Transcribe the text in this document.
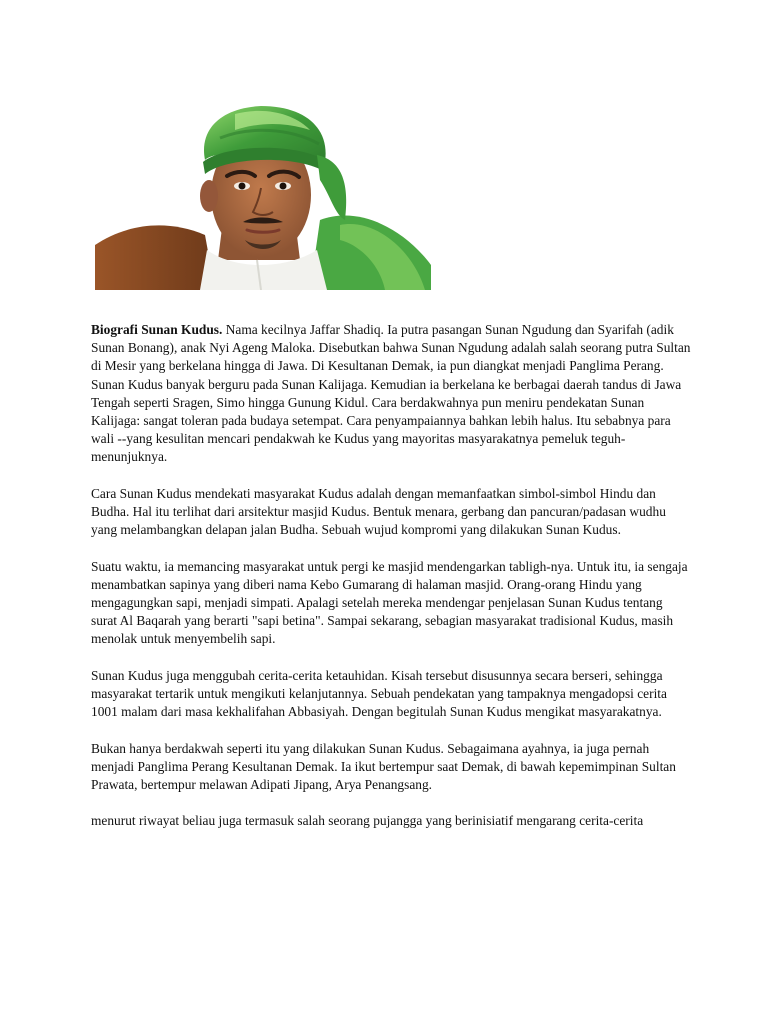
Biografi Sunan Kudus. Nama kecilnya Jaffar Shadiq. Ia putra pasangan Sunan Ngudung dan Syarifah (adik Sunan Bonang), anak Nyi Ageng Maloka. Disebutkan bahwa Sunan Ngudung adalah salah seorang putra Sultan di Mesir yang berkelana hingga di Jawa. Di Kesultanan Demak, ia pun diangkat menjadi Panglima Perang. Sunan Kudus banyak berguru pada Sunan Kalijaga. Kemudian ia berkelana ke berbagai daerah tandus di Jawa Tengah seperti Sragen, Simo hingga Gunung Kidul. Cara berdakwahnya pun meniru pendekatan Sunan Kalijaga: sangat toleran pada budaya setempat. Cara penyampaiannya bahkan lebih halus. Itu sebabnya para wali --yang kesulitan mencari pendakwah ke Kudus yang mayoritas masyarakatnya pemeluk teguh-menunjuknya.

Cara Sunan Kudus mendekati masyarakat Kudus adalah dengan memanfaatkan simbol-simbol Hindu dan Budha. Hal itu terlihat dari arsitektur masjid Kudus. Bentuk menara, gerbang dan pancuran/padasan wudhu yang melambangkan delapan jalan Budha. Sebuah wujud kompromi yang dilakukan Sunan Kudus.

Suatu waktu, ia memancing masyarakat untuk pergi ke masjid mendengarkan tabligh-nya. Untuk itu, ia sengaja menambatkan sapinya yang diberi nama Kebo Gumarang di halaman masjid. Orang-orang Hindu yang mengagungkan sapi, menjadi simpati. Apalagi setelah mereka mendengar penjelasan Sunan Kudus tentang surat Al Baqarah yang berarti "sapi betina". Sampai sekarang, sebagian masyarakat tradisional Kudus, masih menolak untuk menyembelih sapi.

Sunan Kudus juga menggubah cerita-cerita ketauhidan. Kisah tersebut disusunnya secara berseri, sehingga masyarakat tertarik untuk mengikuti kelanjutannya. Sebuah pendekatan yang tampaknya mengadopsi cerita 1001 malam dari masa kekhalifahan Abbasiyah. Dengan begitulah Sunan Kudus mengikat masyarakatnya.

Bukan hanya berdakwah seperti itu yang dilakukan Sunan Kudus. Sebagaimana ayahnya, ia juga pernah menjadi Panglima Perang Kesultanan Demak. Ia ikut bertempur saat Demak, di bawah kepemimpinan Sultan Prawata, bertempur melawan Adipati Jipang, Arya Penangsang.

menurut riwayat beliau juga termasuk salah seorang pujangga yang berinisiatif mengarang cerita-cerita
